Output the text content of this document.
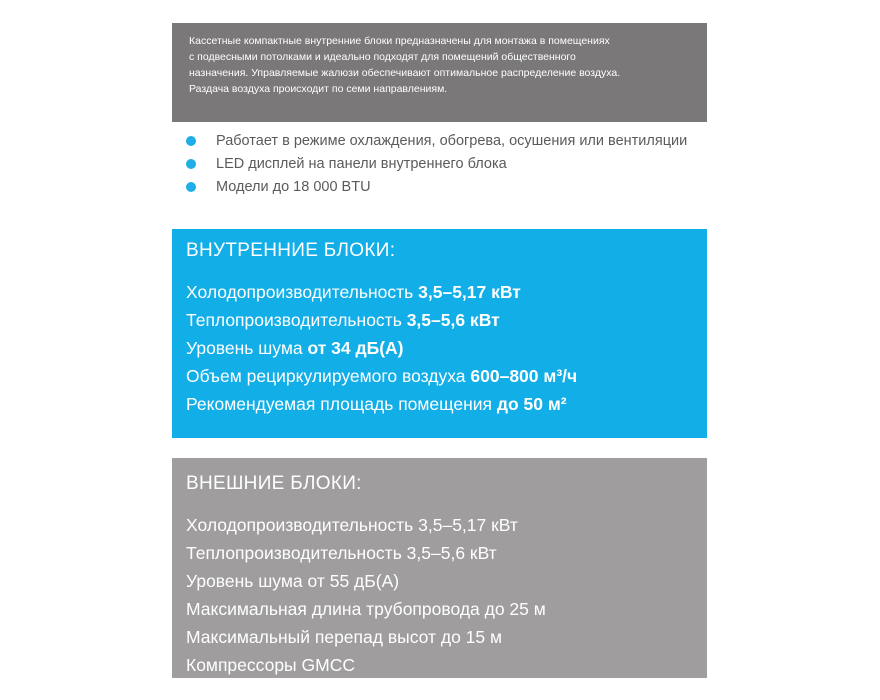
Кассетные компактные внутренние блоки предназначены для монтажа в помещениях

с подвесными потолками и идеально подходят для помещений общественного

назначения. Управляемые жалюзи обеспечивают оптимальное распределение воздуха.

Раздача воздуха происходит по семи направлениям.

Работает в режиме охлаждения, обогрева, осушения или вентиляции
LED дисплей на панели внутреннего блока
Модели до 18 000 BTU
ВНУТРЕННИЕ БЛОКИ:
Холодопроизводительность 3,5–5,17 кВт
Теплопроизводительность 3,5–5,6 кВт
Уровень шума от 34 дБ(А)
Объем рециркулируемого воздуха 600–800 м³/ч
Рекомендуемая площадь помещения до 50 м²
ВНЕШНИЕ БЛОКИ:
Холодопроизводительность 3,5–5,17 кВт
Теплопроизводительность 3,5–5,6 кВт
Уровень шума от 55 дБ(А)
Максимальная длина трубопровода до 25 м
Максимальный перепад высот до 15 м
Компрессоры GMCC
